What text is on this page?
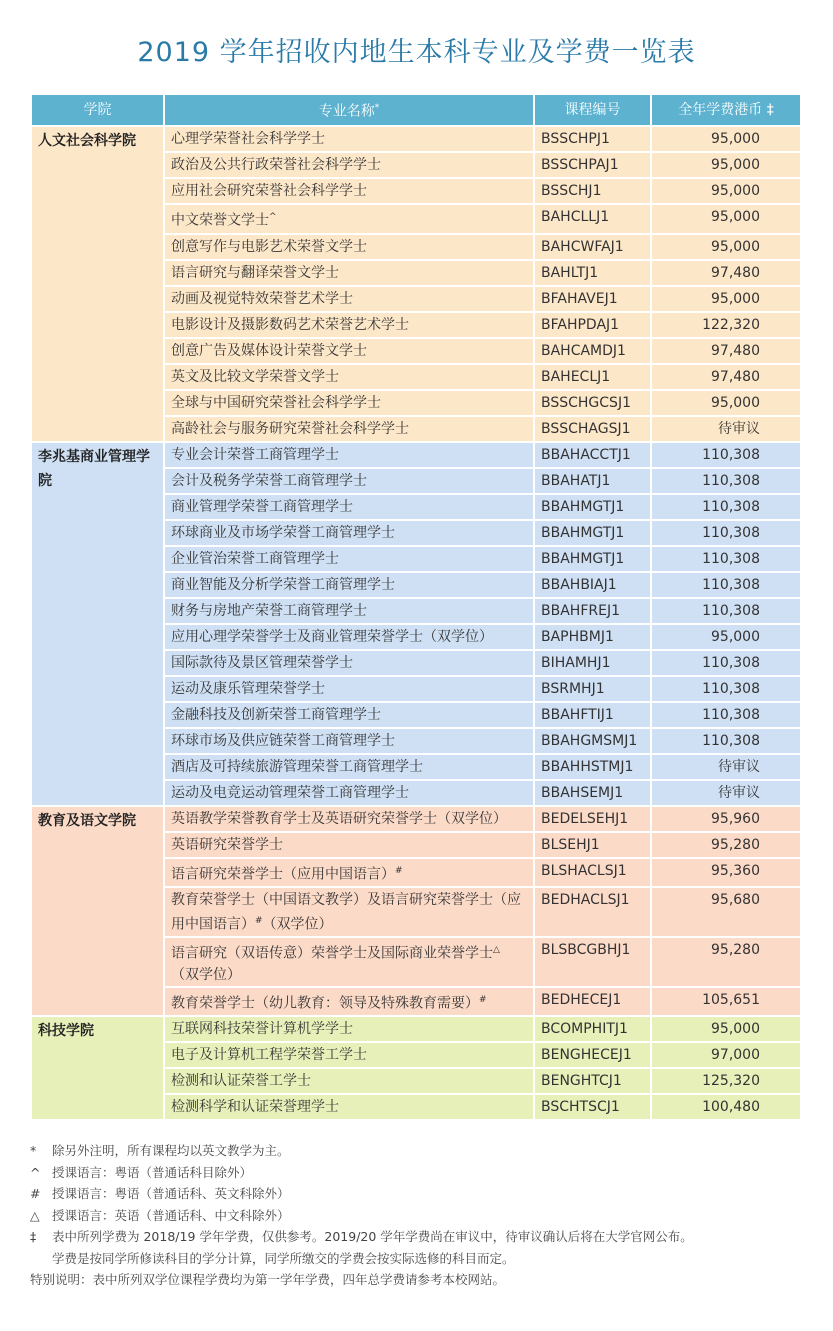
2019 学年招收内地生本科专业及学费一览表
学院	专业名称*	课程编号	全年学费港币 ‡
人文社会科学院	心理学荣誉社会科学学士	BSSCHPJ1	95,000
	政治及公共行政荣誉社会科学学士	BSSCHPAJ1	95,000
	应用社会研究荣誉社会科学学士	BSSCHJ1	95,000
	中文荣誉文学士^	BAHCLLJ1	95,000
	创意写作与电影艺术荣誉文学士	BAHCWFAJ1	95,000
	语言研究与翻译荣誉文学士	BAHLTJ1	97,480
	动画及视觉特效荣誉艺术学士	BFAHAVEJ1	95,000
	电影设计及摄影数码艺术荣誉艺术学士	BFAHPDAJ1	122,320
	创意广告及媒体设计荣誉文学士	BAHCAMDJ1	97,480
	英文及比较文学荣誉文学士	BAHECLJ1	97,480
	全球与中国研究荣誉社会科学学士	BSSCHGCSJ1	95,000
	高龄社会与服务研究荣誉社会科学学士	BSSCHAGSJ1	待审议
李兆基商业管理学院	专业会计荣誉工商管理学士	BBAHACCTJ1	110,308
	会计及税务学荣誉工商管理学士	BBAHATJ1	110,308
	商业管理学荣誉工商管理学士	BBAHMGTJ1	110,308
	环球商业及市场学荣誉工商管理学士	BBAHMGTJ1	110,308
	企业管治荣誉工商管理学士	BBAHMGTJ1	110,308
	商业智能及分析学荣誉工商管理学士	BBAHBIAJ1	110,308
	财务与房地产荣誉工商管理学士	BBAHFREJ1	110,308
	应用心理学荣誉学士及商业管理荣誉学士（双学位）	BAPHBMJ1	95,000
	国际款待及景区管理荣誉学士	BIHAMHJ1	110,308
	运动及康乐管理荣誉学士	BSRMHJ1	110,308
	金融科技及创新荣誉工商管理学士	BBAHFTIJ1	110,308
	环球市场及供应链荣誉工商管理学士	BBAHGMSMJ1	110,308
	酒店及可持续旅游管理荣誉工商管理学士	BBAHHSTMJ1	待审议
	运动及电竞运动管理荣誉工商管理学士	BBAHSEMJ1	待审议
教育及语文学院	英语教学荣誉教育学士及英语研究荣誉学士（双学位）	BEDELSEHJ1	95,960
	英语研究荣誉学士	BLSEHJ1	95,280
	语言研究荣誉学士（应用中国语言）#	BLSHACLSJ1	95,360
	教育荣誉学士（中国语文教学）及语言研究荣誉学士（应用中国语言）#（双学位）	BEDHACLSJ1	95,680
	语言研究（双语传意）荣誉学士及国际商业荣誉学士△（双学位）	BLSBCGBHJ1	95,280
	教育荣誉学士（幼儿教育：领导及特殊教育需要）#	BEDHECEJ1	105,651
科技学院	互联网科技荣誉计算机学学士	BCOMPHITJ1	95,000
	电子及计算机工程学荣誉工学士	BENGHECEJ1	97,000
	检测和认证荣誉工学士	BENGHTCJ1	125,320
	检测科学和认证荣誉理学士	BSCHTSCJ1	100,480
*	除另外注明，所有课程均以英文教学为主。
^ 授课语言：粤语（普通话科目除外）
# 授课语言：粤语（普通话科、英文科除外）
△ 授课语言：英语（普通话科、中文科除外）
‡	表中所列学费为 2018/19 学年学费，仅供参考。2019/20 学年学费尚在审议中，待审议确认后将在大学官网公布。
学费是按同学所修读科目的学分计算，同学所缴交的学费会按实际选修的科目而定。
特别说明：表中所列双学位课程学费均为第一学年学费，四年总学费请参考本校网站。
